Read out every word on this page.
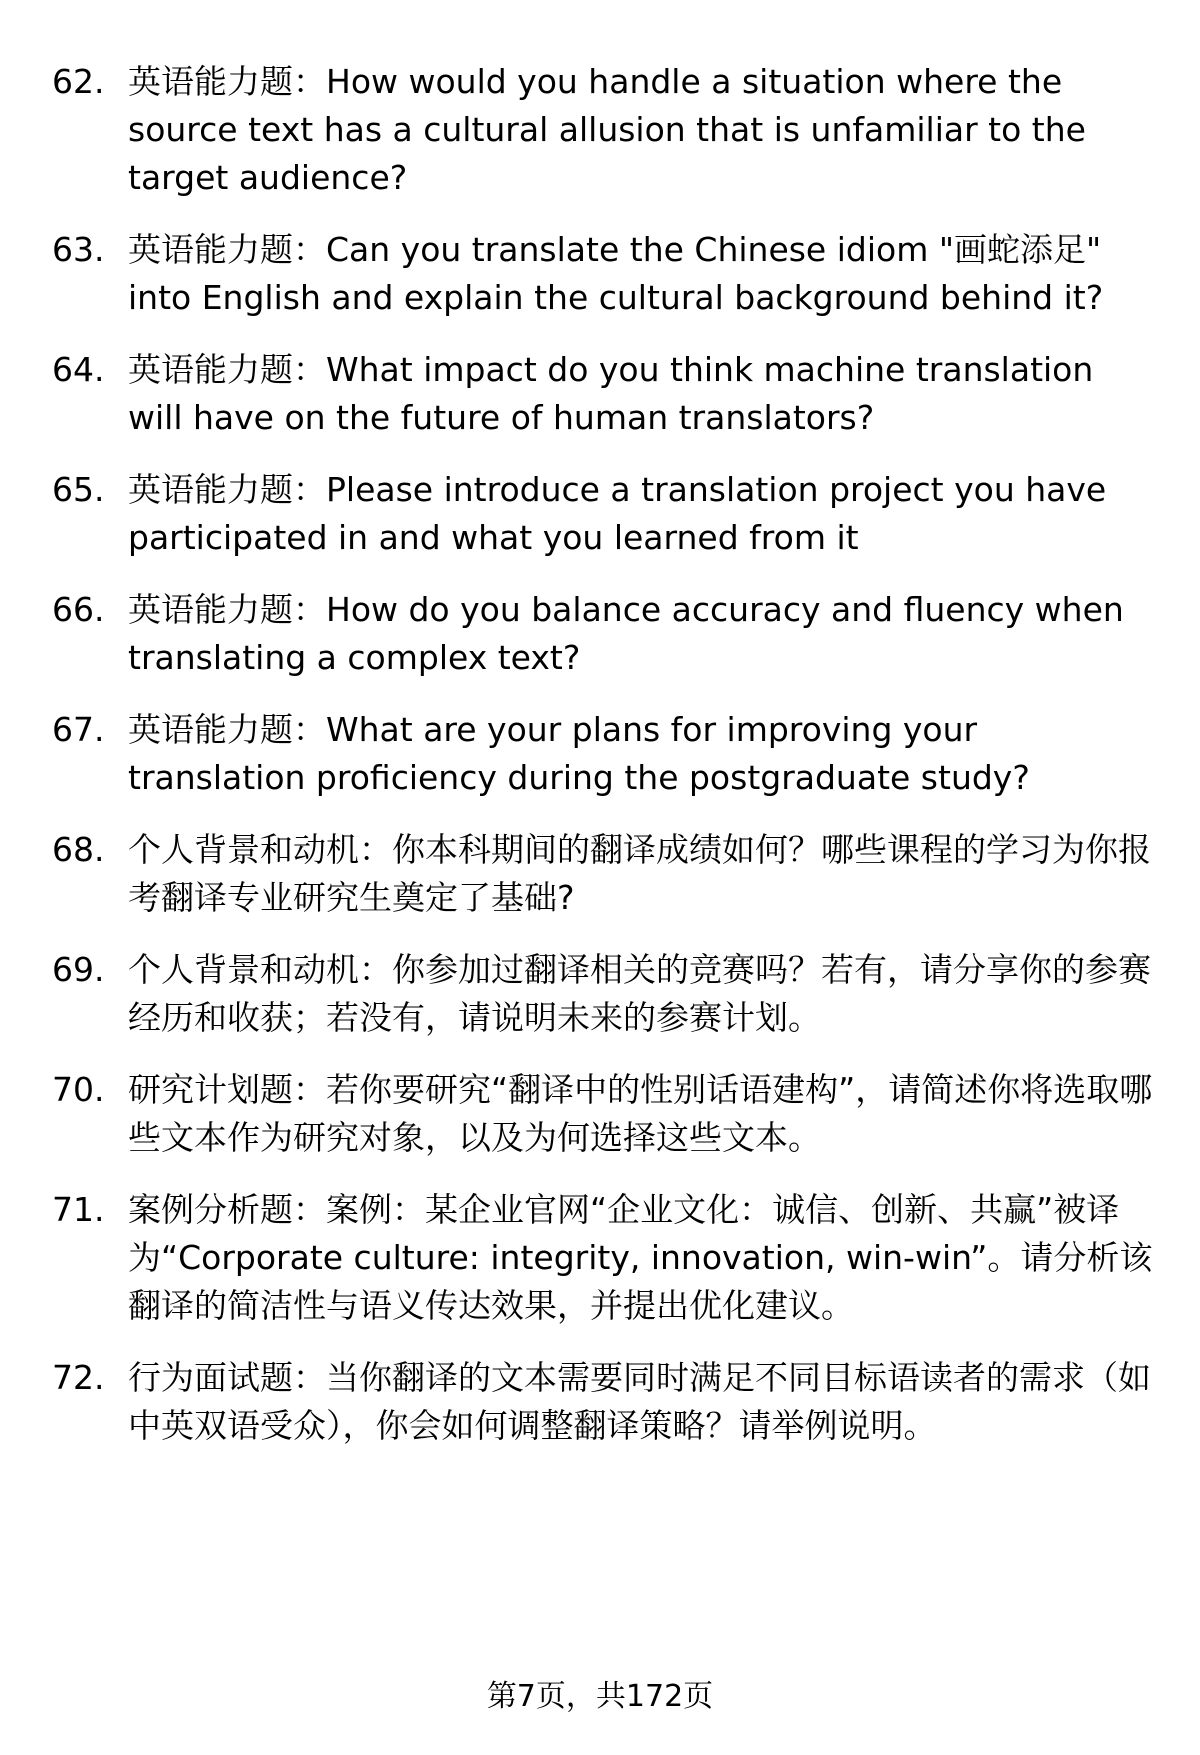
62. 英语能力题：How would you handle a situation where the source text has a cultural allusion that is unfamiliar to the target audience?
63. 英语能力题：Can you translate the Chinese idiom "画蛇添足" into English and explain the cultural background behind it?
64. 英语能力题：What impact do you think machine translation will have on the future of human translators?
65. 英语能力题：Please introduce a translation project you have participated in and what you learned from it
66. 英语能力题：How do you balance accuracy and fluency when translating a complex text?
67. 英语能力题：What are your plans for improving your translation proficiency during the postgraduate study?
68. 个人背景和动机：你本科期间的翻译成绩如何？哪些课程的学习为你报考翻译专业研究生奠定了基础?
69. 个人背景和动机：你参加过翻译相关的竞赛吗？若有，请分享你的参赛经历和收获；若没有，请说明未来的参赛计划。
70. 研究计划题：若你要研究“翻译中的性别话语建构”，请简述你将选取哪些文本作为研究对象，以及为何选择这些文本。
71. 案例分析题：案例：某企业官网“企业文化：诚信、创新、共赢”被译为“Corporate culture: integrity, innovation, win-win”。请分析该翻译的简洁性与语义传达效果，并提出优化建议。
72. 行为面试题：当你翻译的文本需要同时满足不同目标语读者的需求（如中英双语受众），你会如何调整翻译策略？请举例说明。
第7页，共172页
